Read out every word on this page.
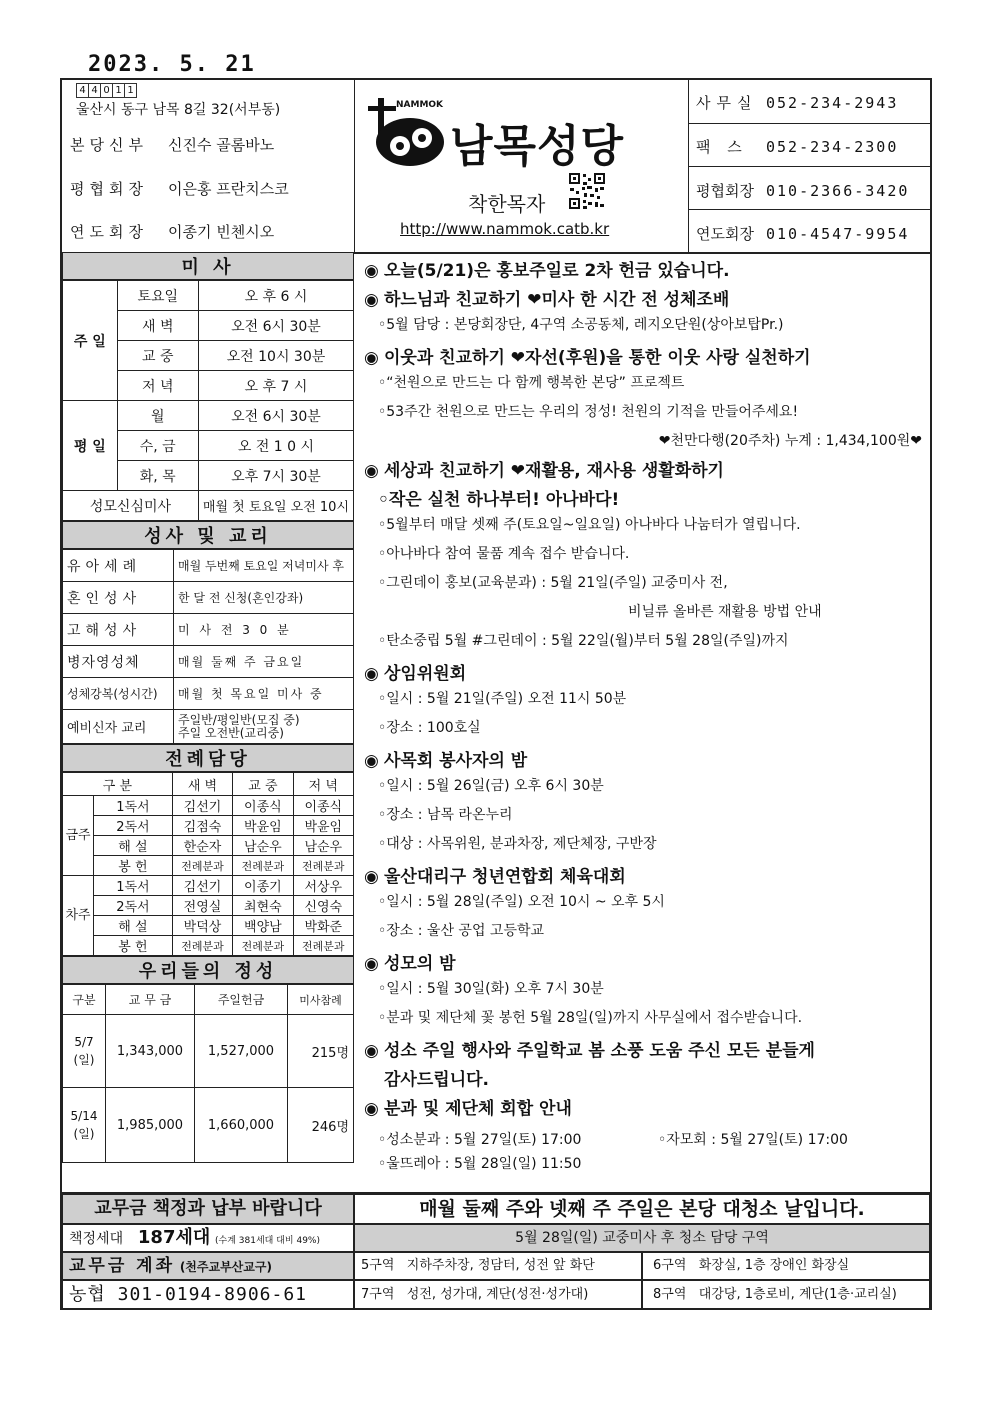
2023. 5. 21
4 4 0 1 1
울산시 동구 남목 8길 32(서부동)
본당신부 신진수 골롬바노
평협회장 이은홍 프란치스코
연도회장 이종기 빈첸시오
NAMMOK
남목성당
착한목자
http://www.nammok.catb.kr
사무실 052-234-2943
팩 스 052-234-2300
평협회장 010-2366-3420
연도회장 010-4547-9954
미 사
주 일	토요일	오 후 6 시
	새 벽	오전 6시 30분
	교 중	오전 10시 30분
	저 녁	오 후 7 시
평 일	월	오전 6시 30분
	수, 금	오 전 1 0 시
	화, 목	오후 7시 30분
성모신심미사		매월 첫 토요일 오전 10시
성사 및 교리
유아세례	매월 두번째 토요일 저녁미사 후
혼인성사	한 달 전 신청(혼인강좌)
고해성사	미 사 전 3 0 분
병자영성체	매월 둘째 주 금요일
성체강복(성시간)	매월 첫 목요일 미사 중
예비신자 교리	주일반/평일반(모집 중)
주일 오전반(교리중)
전례담당
구 분		새 벽	교 중	저 녁
금주	1독서	김선기	이종식	이종식
	2독서	김점숙	박윤임	박윤임
	해 설	한순자	남순우	남순우
	봉 헌	전례분과	전례분과	전례분과
차주	1독서	김선기	이종기	서상우
	2독서	전영실	최현숙	신영숙
	해 설	박덕상	백양남	박화준
	봉 헌	전례분과	전례분과	전례분과
우리들의 정성
구분	교 무 금	주일헌금	미사참례

5/7
(일)	1,343,000	1,527,000	215명

5/14
(일)	1,985,000	1,660,000	246명
◉ 오늘(5/21)은 홍보주일로 2차 헌금 있습니다.
◉ 하느님과 친교하기 ❤미사 한 시간 전 성체조배
◦5월 담당 : 본당회장단, 4구역 소공동체, 레지오단원(상아보탑Pr.)
◉ 이웃과 친교하기 ❤자선(후원)을 통한 이웃 사랑 실천하기
◦“천원으로 만드는 다 함께 행복한 본당” 프로젝트
◦53주간 천원으로 만드는 우리의 정성! 천원의 기적을 만들어주세요!
❤천만다행(20주차) 누계 : 1,434,100원❤
◉ 세상과 친교하기 ❤재활용, 재사용 생활화하기
◦작은 실천 하나부터! 아나바다!
◦5월부터 매달 셋째 주(토요일~일요일) 아나바다 나눔터가 열립니다.
◦아나바다 참여 물품 계속 접수 받습니다.
◦그린데이 홍보(교육분과) : 5월 21일(주일) 교중미사 전,
비닐류 올바른 재활용 방법 안내
◦탄소중립 5월 #그린데이 : 5월 22일(월)부터 5월 28일(주일)까지
◉ 상임위원회
◦일시 : 5월 21일(주일) 오전 11시 50분
◦장소 : 100호실
◉ 사목회 봉사자의 밤
◦일시 : 5월 26일(금) 오후 6시 30분
◦장소 : 남목 라온누리
◦대상 : 사목위원, 분과차장, 제단체장, 구반장
◉ 울산대리구 청년연합회 체육대회
◦일시 : 5월 28일(주일) 오전 10시 ~ 오후 5시
◦장소 : 울산 공업 고등학교
◉ 성모의 밤
◦일시 : 5월 30일(화) 오후 7시 30분
◦분과 및 제단체 꽃 봉헌 5월 28일(일)까지 사무실에서 접수받습니다.
◉ 성소 주일 행사와 주일학교 봄 소풍 도움 주신 모든 분들게
감사드립니다.
◉ 분과 및 제단체 회합 안내
◦성소분과 : 5월 27일(토) 17:00	◦자모회 : 5월 27일(토) 17:00
◦울뜨레아 : 5월 28일(일) 11:50
교무금 책정과 납부 바랍니다
책정세대 187세대 (수계 381세대 대비 49%)
교무금 계좌 (천주교부산교구)
농협 301-0194-8906-61
매월 둘째 주와 넷째 주 주일은 본당 대청소 날입니다.
5월 28일(일) 교중미사 후 청소 담당 구역
5구역 지하주차장, 정담터, 성전 앞 화단	6구역 화장실, 1층 장애인 화장실
7구역 성전, 성가대, 계단(성전·성가대)	8구역 대강당, 1층로비, 계단(1층·교리실)
